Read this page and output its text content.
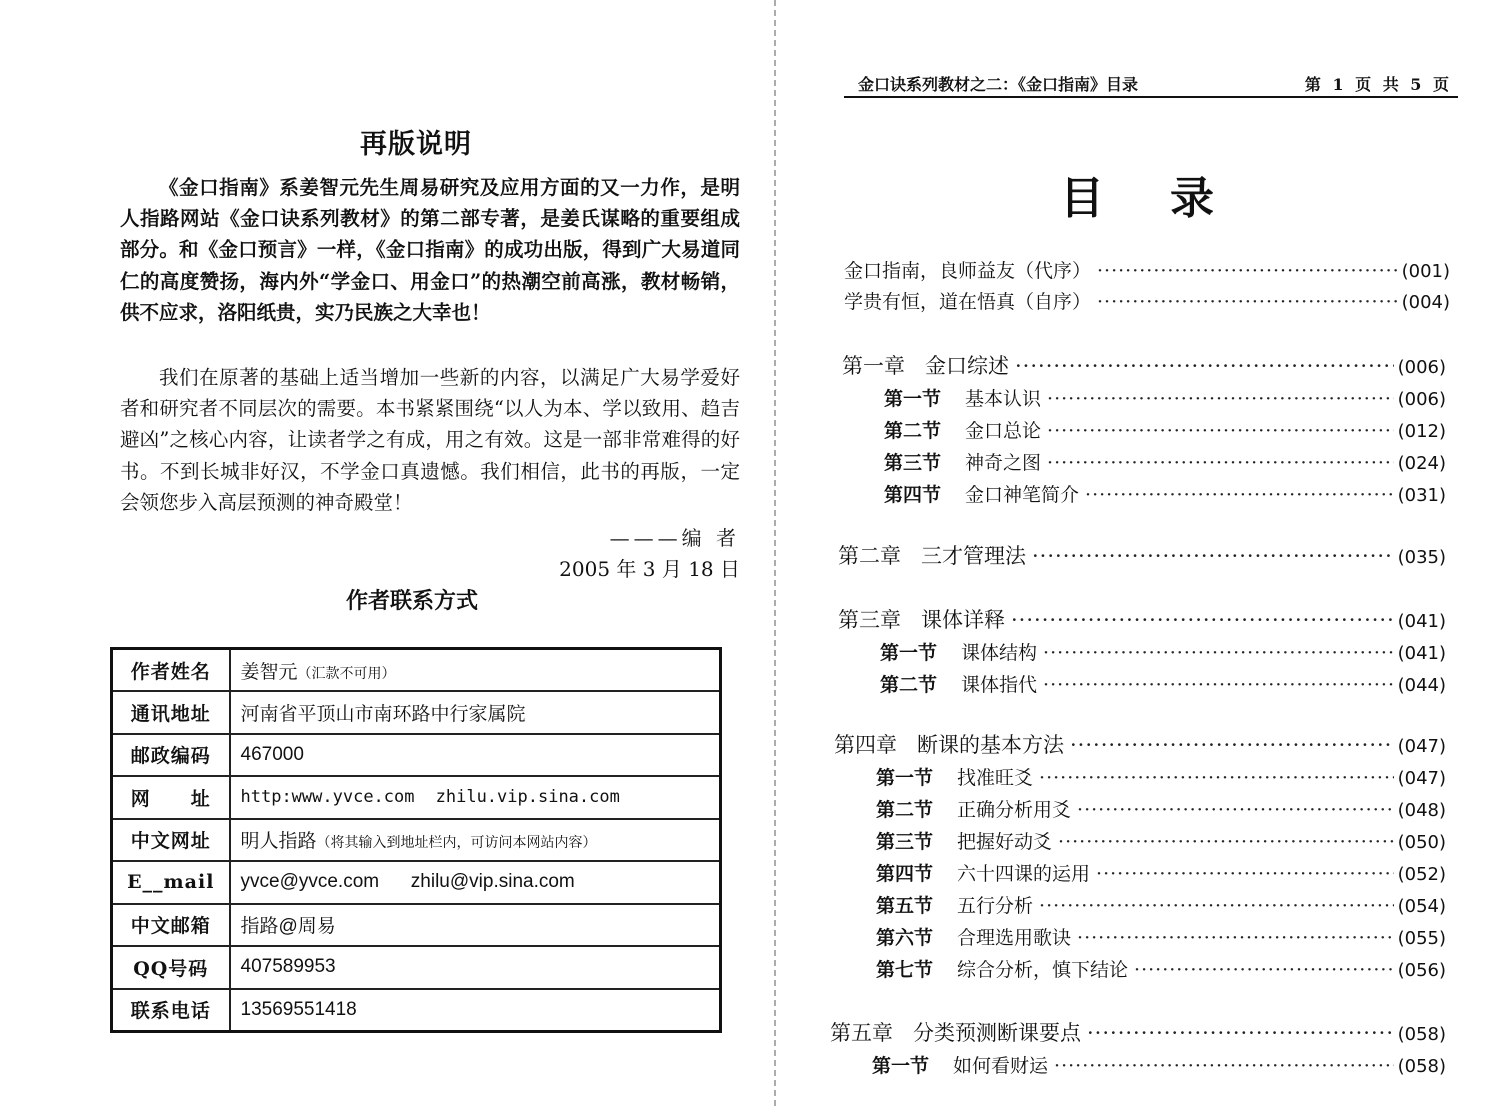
再版说明

《金口指南》系姜智元先生周易研究及应用方面的又一力作，是明人指路网站《金口诀系列教材》的第二部专著，是姜氏谋略的重要组成部分。和《金口预言》一样，《金口指南》的成功出版，得到广大易道同仁的高度赞扬，海内外“学金口、用金口”的热潮空前高涨，教材畅销，供不应求，洛阳纸贵，实乃民族之大幸也！

我们在原著的基础上适当增加一些新的内容，以满足广大易学爱好者和研究者不同层次的需要。本书紧紧围绕“以人为本、学以致用、趋吉避凶”之核心内容，让读者学之有成，用之有效。这是一部非常难得的好书。不到长城非好汉，不学金口真遗憾。我们相信，此书的再版，一定会领您步入高层预测的神奇殿堂！

———编 者
2005 年 3 月 18 日
作者联系方式
作者姓名	姜智元（汇款不可用）
通讯地址	河南省平顶山市南环路中行家属院
邮政编码	467000
网　　址	http:www.yvce.com zhilu.vip.sina.com
中文网址	明人指路（将其输入到地址栏内，可访问本网站内容）
E__mail	yvce@yvce.com zhilu@vip.sina.com
中文邮箱	指路@周易
QQ号码	407589953
联系电话	13569551418
金口诀系列教材之二：《金口指南》目录	第 1 页 共 5 页
目录
金口指南，良师益友（代序） ·····	(001)
学贵有恒，道在悟真（自序） ·····	(004)
第一章 金口综述 ·····	(006)
第一节 基本认识 ·····	(006)
第二节 金口总论 ·····	(012)
第三节 神奇之图 ·····	(024)
第四节 金口神笔简介 ·····	(031)
第二章 三才管理法 ·····	(035)
第三章 课体详释 ·····	(041)
第一节 课体结构 ·····	(041)
第二节 课体指代 ·····	(044)
第四章 断课的基本方法 ·····	(047)
第一节 找准旺爻 ·····	(047)
第二节 正确分析用爻 ·····	(048)
第三节 把握好动爻 ·····	(050)
第四节 六十四课的运用 ·····	(052)
第五节 五行分析 ·····	(054)
第六节 合理选用歌诀 ·····	(055)
第七节 综合分析，慎下结论 ·····	(056)
第五章 分类预测断课要点 ·····	(058)
第一节 如何看财运 ·····	(058)
